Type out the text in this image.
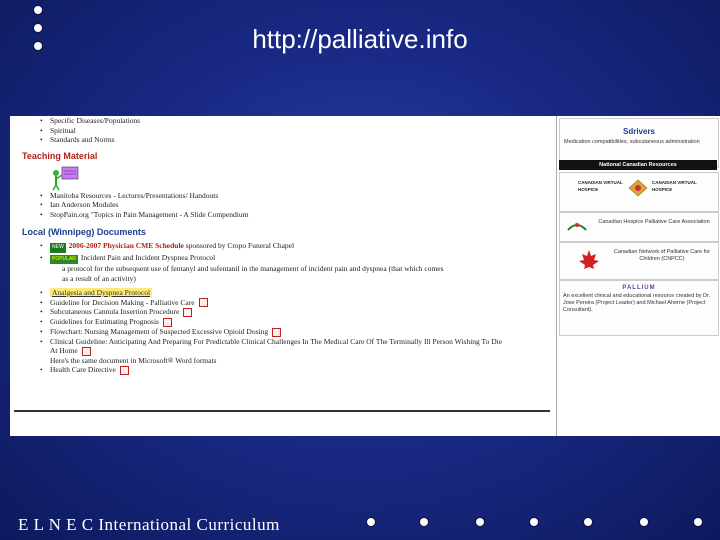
http://palliative.info
• Specific Diseases/Populations
• Spiritual
• Standards and Norms
Teaching Material
• Manitoba Resources - Lectures/Presentations/ Handouts
• Ian Anderson Modules
• StopPain.org "Topics in Pain Management - A Slide Compendium
Local (Winnipeg) Documents
• NEW 2006-2007 Physician CME Schedule sponsored by Cropo Funeral Chapel
• POPULAR Incident Pain and Incident Dyspnea Protocol
a protocol for the subsequent use of fentanyl and sufentanil in the management of incident pain and dyspnea (that which comes
as a result of an activity)
• Analgesia and Dyspnea Protocol
• Guideline for Decision Making - Palliative Care
• Subcutaneous Cannula Insertion Procedure
• Guidelines for Estimating Prognosis
• Flowchart: Nursing Management of Suspected Excessive Opioid Dosing
• Clinical Guideline: Anticipating And Preparing For Predictable Clinical Challenges In The Medical Care Of The Terminally Ill Person Wishing To Die
At Home
Here's the same document in Microsoft® Word formats
• Health Care Directive
Sdrivers
Medication compatibilities, subcutaneous administration
National Canadian Resources
CANADIAN VIRTUAL HOSPICE
CANADIAN VIRTUAL HOSPICE
Canadian Hospice Palliative Care Association
Canadian Network of Palliative Care for Children (CNPCC)
PALLIUM
An excellent clinical and educational resource created by Dr. Jose Pereira (Project Leader) and Michael Aherne (Project Consultant).
E L N E C International Curriculum
